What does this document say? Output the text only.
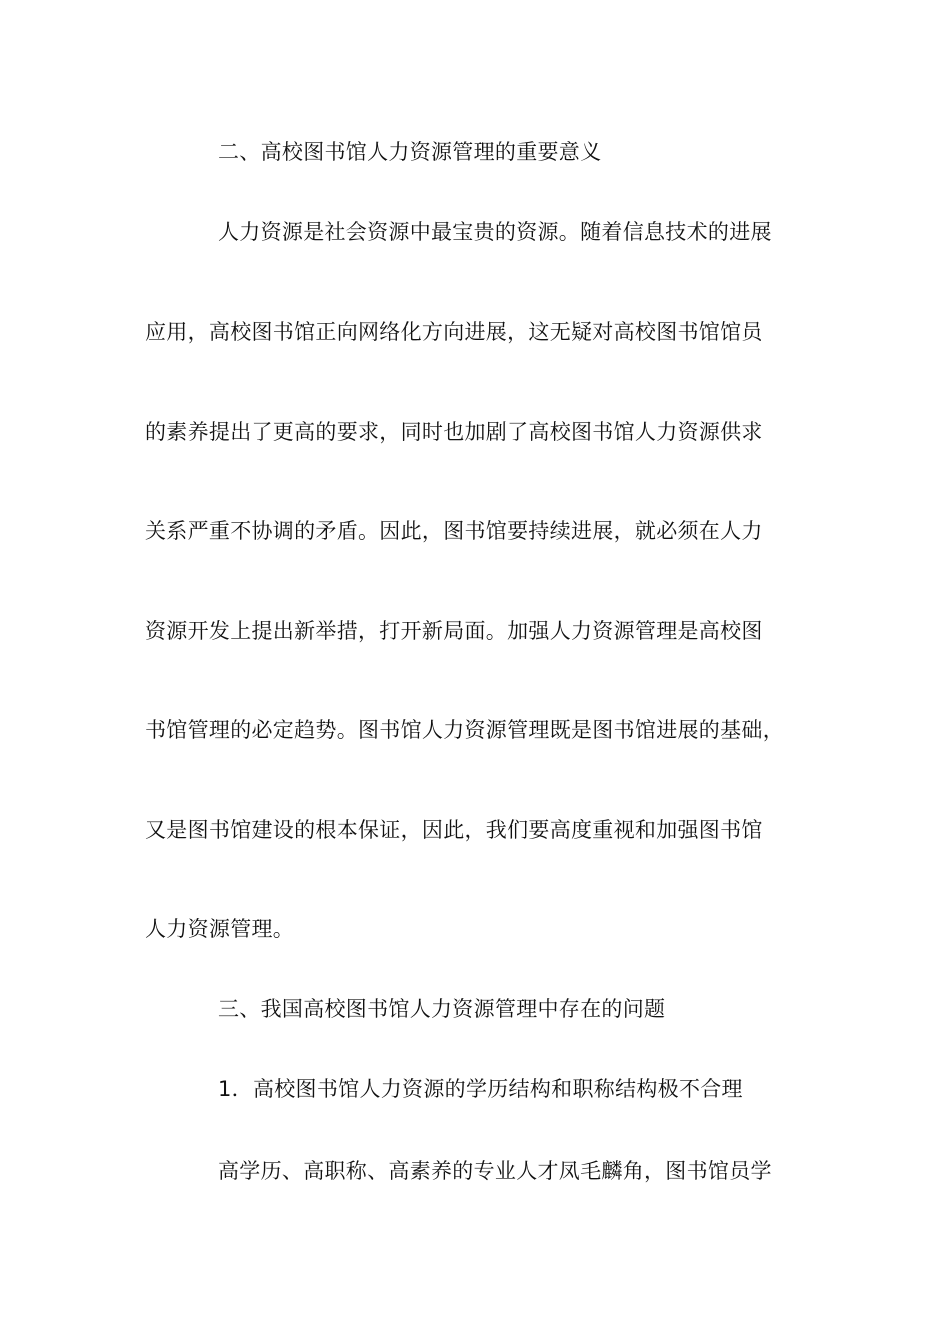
二、高校图书馆人力资源管理的重要意义
人力资源是社会资源中最宝贵的资源。随着信息技术的进展
应用，高校图书馆正向网络化方向进展，这无疑对高校图书馆馆员
的素养提出了更高的要求，同时也加剧了高校图书馆人力资源供求
关系严重不协调的矛盾。因此，图书馆要持续进展，就必须在人力
资源开发上提出新举措，打开新局面。加强人力资源管理是高校图
书馆管理的必定趋势。图书馆人力资源管理既是图书馆进展的基础，
又是图书馆建设的根本保证，因此，我们要高度重视和加强图书馆
人力资源管理。
三、我国高校图书馆人力资源管理中存在的问题
1．高校图书馆人力资源的学历结构和职称结构极不合理
高学历、高职称、高素养的专业人才凤毛麟角，图书馆员学
